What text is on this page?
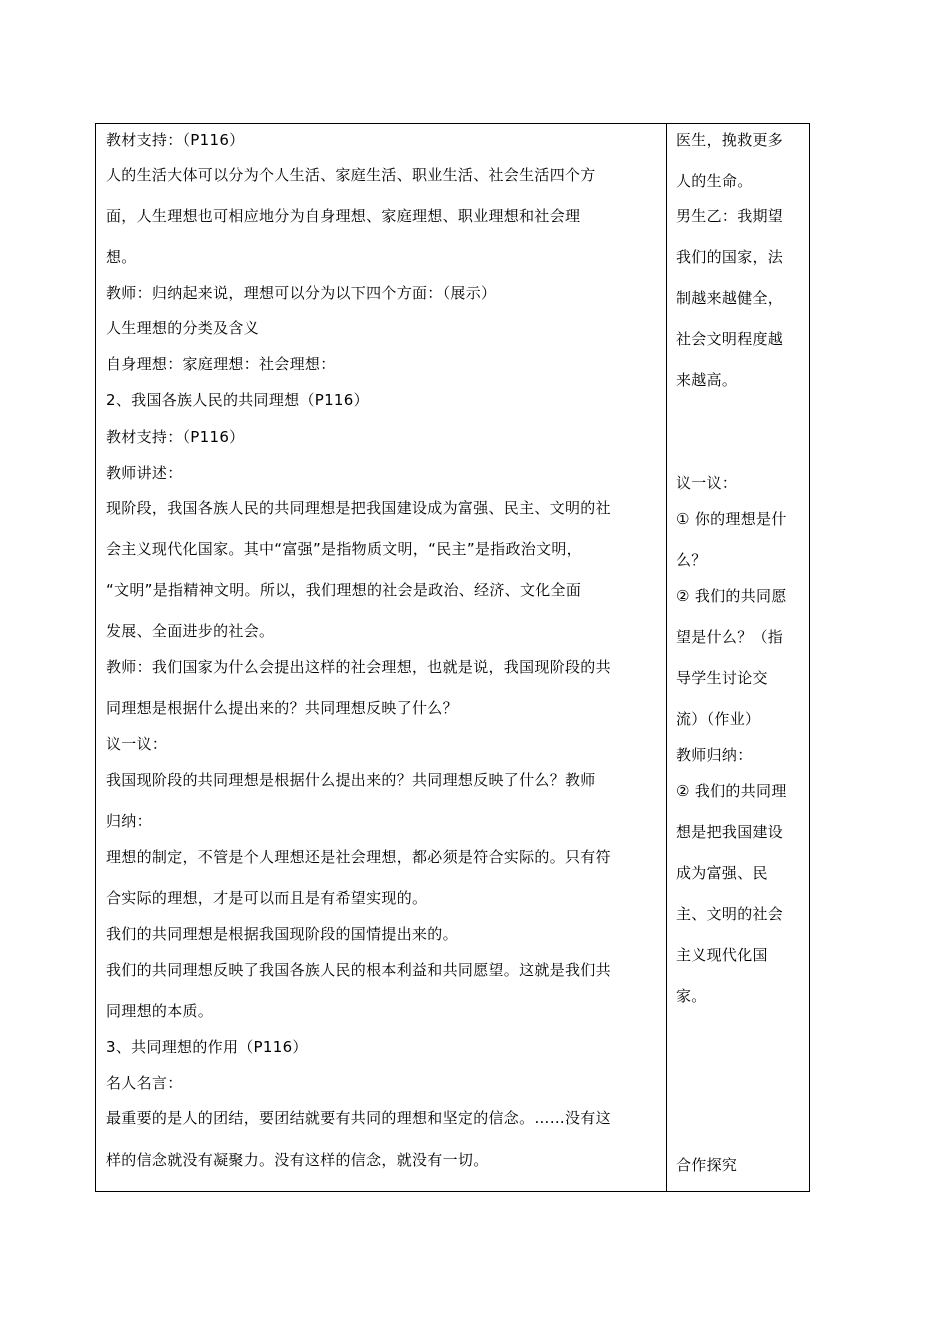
教材支持：（P116）
人的生活大体可以分为个人生活、家庭生活、职业生活、社会生活四个方
面，人生理想也可相应地分为自身理想、家庭理想、职业理想和社会理
想。
教师：归纳起来说，理想可以分为以下四个方面：（展示）
人生理想的分类及含义
自身理想：家庭理想：社会理想：
2、我国各族人民的共同理想（P116）
教材支持：（P116）
教师讲述：
现阶段，我国各族人民的共同理想是把我国建设成为富强、民主、文明的社
会主义现代化国家。其中“富强”是指物质文明，“民主”是指政治文明，
“文明”是指精神文明。所以，我们理想的社会是政治、经济、文化全面
发展、全面进步的社会。
教师：我们国家为什么会提出这样的社会理想，也就是说，我国现阶段的共
同理想是根据什么提出来的？共同理想反映了什么？
议一议：
我国现阶段的共同理想是根据什么提出来的？共同理想反映了什么？教师
归纳：
理想的制定，不管是个人理想还是社会理想，都必须是符合实际的。只有符
合实际的理想，才是可以而且是有希望实现的。
我们的共同理想是根据我国现阶段的国情提出来的。
我们的共同理想反映了我国各族人民的根本利益和共同愿望。这就是我们共
同理想的本质。
3、共同理想的作用（P116）
名人名言：
最重要的是人的团结，要团结就要有共同的理想和坚定的信念。……没有这
样的信念就没有凝聚力。没有这样的信念，就没有一切。
医生，挽救更多
人的生命。
男生乙：我期望
我们的国家，法
制越来越健全，
社会文明程度越
来越高。
议一议：
① 你的理想是什
么？
② 我们的共同愿
望是什么？（指
导学生讨论交
流）（作业）
教师归纳：
② 我们的共同理
想是把我国建设
成为富强、民
主、文明的社会
主义现代化国
家。
合作探究
